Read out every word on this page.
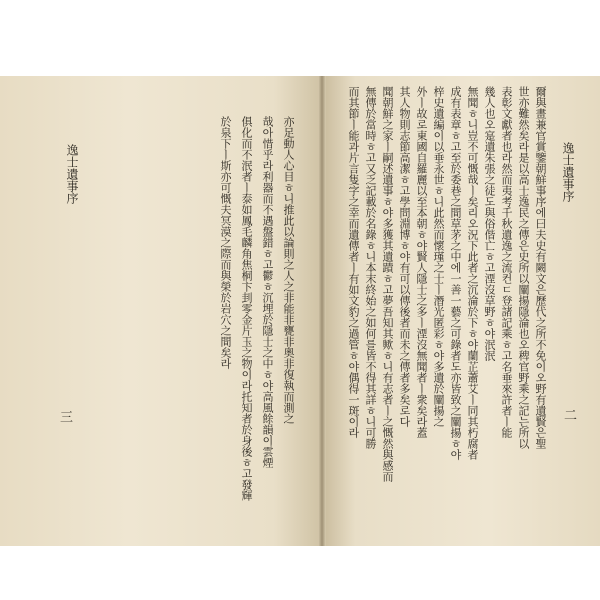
三
逸士遺事序	亦足動人心目ㅎ니推此以論則之人之非能非甕非奧非復執而測之
哉아惜乎라利器而不遇盤錯ㅎ고鬱ㅎ沉埋於隱士之中ㅎ야高風餘韻이雲煙
俱化而不泯者ㅣ泰如鳳毛麟角焦桐卞刲零金片玉之物이라托知者於身後ㅎ고發輝
於泉下ㅣ斯亦可慨夫冥漠之際而與榮於岩穴之間矣라
二
逸士遺事序
爾與畫兼官賞鑒朝鮮事序에曰夫史有闕文은歷代之所不免이오野有遺賢은聖
世亦難然矣라是以高士逸民之傳은史所以闡揚隱淪也오稗官野乘之記는所以
表彰文獻者也라然而夷考千秋遺逸之流컨ㄷ登諸記乘ㅎ고名垂來許者ㅣ能
幾人也오寔遺朱張之徒도與俗偕亡ㅎ고湮沒草野ㅎ야泯泯
無聞ㅎ니豈不可慨哉ㅣ矣리오況下此者之沉淪於下ㅎ야蘭芷蕭艾ㅣ同其朽腐者
成有表章ㅎ고至於委巷之間草茅之中에一善一藝之可錄者도亦皆致之闡揚ㅎ야
梓史遺編이以垂永世ㅎ니此然而懷瑾之士ㅣ潛光匿彩ㅎ야多遺於闡揚之
外ㅣ故로東國自羅麗以至本朝ㅎ야賢人隱士之多ㅣ湮沒無聞者ㅣ衆矣라蓋
其人物則志節高潔ㅎ고學問淵博ㅎ야有可以傳後者而未之傳者多矣로다
聞朝鮮之家ㅣ嗣述遺事ㅎ야多獲其遺蹟ㅎ고夢吾知其歟ㅎ니有志者ㅣ之慨然與感而
無傳於當時ㅎ고又乏記載於名錄ㅎ니本末終始之如何를皆不得其詳ㅎ니可勝
而其節ㅣ能과片言隻字之幸而遺傳者ㅣ有如文豹之過管ㅎ야偶得一斑이라
